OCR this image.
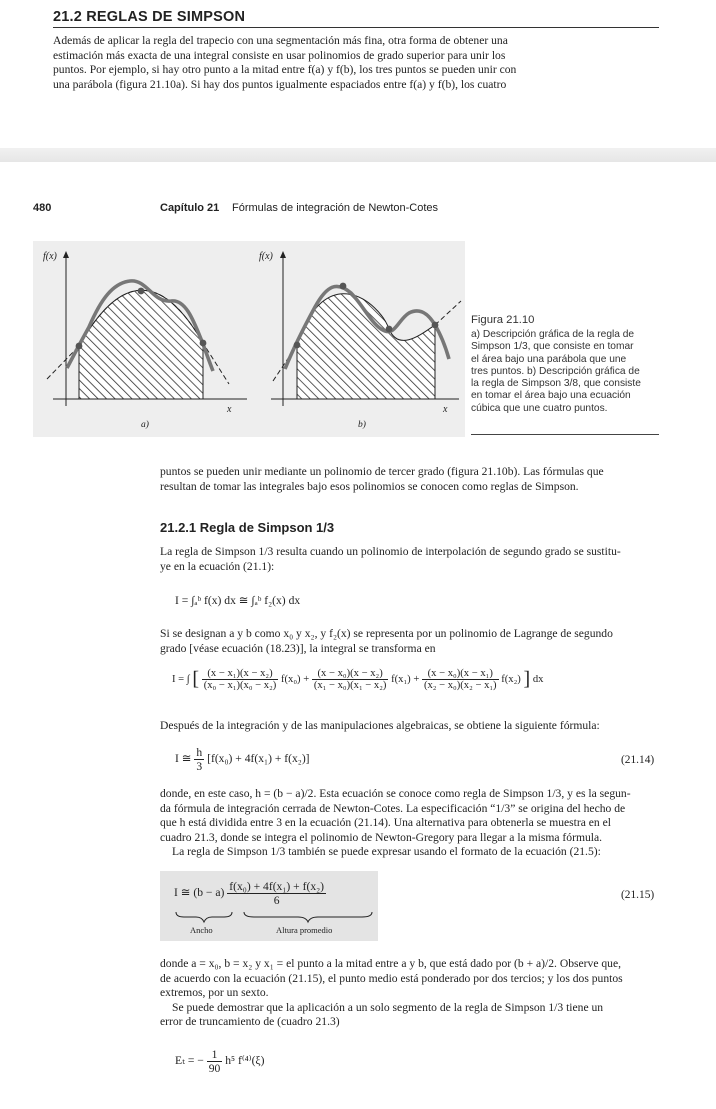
21.2 REGLAS DE SIMPSON
Además de aplicar la regla del trapecio con una segmentación más fina, otra forma de obtener una
estimación más exacta de una integral consiste en usar polinomios de grado superior para unir los
puntos. Por ejemplo, si hay otro punto a la mitad entre f(a) y f(b), los tres puntos se pueden unir con
una parábola (figura 21.10a). Si hay dos puntos igualmente espaciados entre f(a) y f(b), los cuatro
480	Capítulo 21 Fórmulas de integración de Newton-Cotes
f(x)	f(x)
x	x
a)	b)
Figura 21.10
a) Descripción gráfica de la regla de
Simpson 1/3, que consiste en tomar
el área bajo una parábola que une
tres puntos. b) Descripción gráfica de
la regla de Simpson 3/8, que consiste
en tomar el área bajo una ecuación
cúbica que une cuatro puntos.
puntos se pueden unir mediante un polinomio de tercer grado (figura 21.10b). Las fórmulas que
resultan de tomar las integrales bajo esos polinomios se conocen como reglas de Simpson.
21.2.1 Regla de Simpson 1/3
La regla de Simpson 1/3 resulta cuando un polinomio de interpolación de segundo grado se sustitu-
ye en la ecuación (21.1):
I = ∫ₐᵇ f(x) dx ≅ ∫ₐᵇ f₂(x) dx
Si se designan a y b como x₀ y x₂, y f₂(x) se representa por un polinomio de Lagrange de segundo
grado [véase ecuación (18.23)], la integral se transforma en
I = ∫ [ $\frac{\text{(x − x₁)(x − x₂)}}{\text{(x₀ − x₁)(x₀ − x₂)}} f(x_0) + \frac{\text{(x − x₀)(x − x₂)}}{\text{(x₁ − x₀)(x₁ − x₂)}} f(x_1) + \frac{\text{(x − x₀)(x − x₁)}}{\text{(x₂ − x₀)(x₂ − x₁)}} f(x_2)$ ] dx
Después de la integración y de las manipulaciones algebraicas, se obtiene la siguiente fórmula:
I ≅ $\frac{h}{3} [f(x_0) + 4f(x_1) + f(x_2)]$	(21.14)
donde, en este caso, h = (b − a)/2. Esta ecuación se conoce como regla de Simpson 1/3, y es la segun-
da fórmula de integración cerrada de Newton-Cotes. La especificación “1/3” se origina del hecho de
que h está dividida entre 3 en la ecuación (21.14). Una alternativa para obtenerla se muestra en el
cuadro 21.3, donde se integra el polinomio de Newton-Gregory para llegar a la misma fórmula.
La regla de Simpson 1/3 también se puede expresar usando el formato de la ecuación (21.5):
I ≅ $(b - a) \frac{\text{f(x₀) + 4f(x₁) + f(x₂)}}{6}$
Ancho	Altura promedio
(21.15)
donde a = x₀, b = x₂ y x₁ = el punto a la mitad entre a y b, que está dado por (b + a)/2. Observe que,
de acuerdo con la ecuación (21.15), el punto medio está ponderado por dos tercios; y los dos puntos
extremos, por un sexto.
Se puede demostrar que la aplicación a un solo segmento de la regla de Simpson 1/3 tiene un
error de truncamiento de (cuadro 21.3)
Eₜ = − $\frac{1}{90} h^5$ f⁽⁴⁾(ξ)
